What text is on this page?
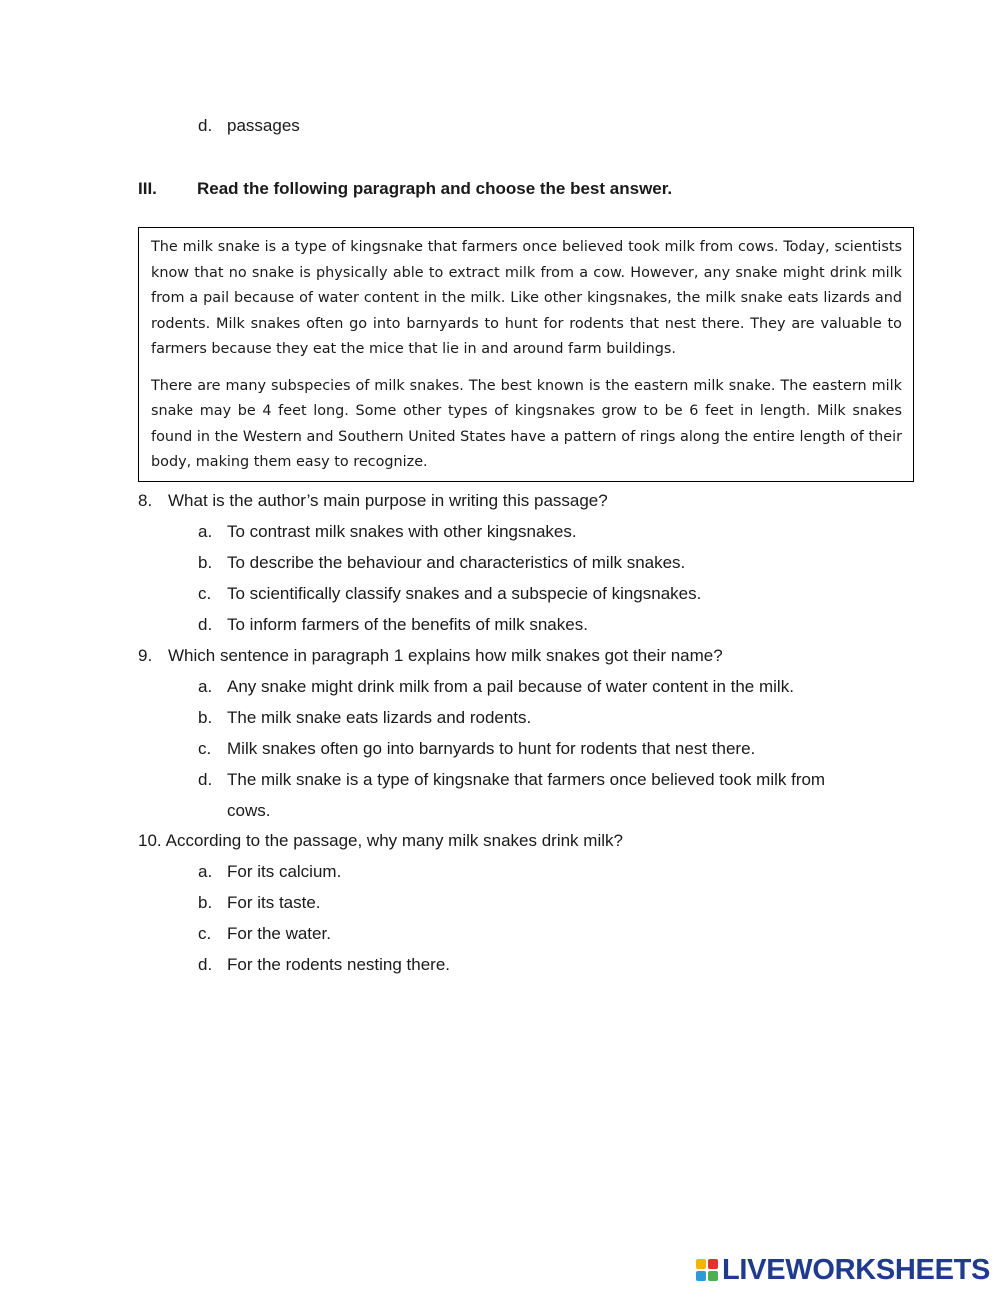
d. passages
III. Read the following paragraph and choose the best answer.

The milk snake is a type of kingsnake that farmers once believed took milk from cows. Today, scientists know that no snake is physically able to extract milk from a cow. However, any snake might drink milk from a pail because of water content in the milk. Like other kingsnakes, the milk snake eats lizards and rodents. Milk snakes often go into barnyards to hunt for rodents that nest there. They are valuable to farmers because they eat the mice that lie in and around farm buildings.

There are many subspecies of milk snakes. The best known is the eastern milk snake. The eastern milk snake may be 4 feet long. Some other types of kingsnakes grow to be 6 feet in length. Milk snakes found in the Western and Southern United States have a pattern of rings along the entire length of their body, making them easy to recognize.

8. What is the author’s main purpose in writing this passage?
a. To contrast milk snakes with other kingsnakes.
b. To describe the behaviour and characteristics of milk snakes.
c. To scientifically classify snakes and a subspecie of kingsnakes.
d. To inform farmers of the benefits of milk snakes.
9. Which sentence in paragraph 1 explains how milk snakes got their name?
a. Any snake might drink milk from a pail because of water content in the milk.
b. The milk snake eats lizards and rodents.
c. Milk snakes often go into barnyards to hunt for rodents that nest there.
d. The milk snake is a type of kingsnake that farmers once believed took milk from
cows.
10. According to the passage, why many milk snakes drink milk?
a. For its calcium.
b. For its taste.
c. For the water.
d. For the rodents nesting there.
LIVEWORKSHEETS
